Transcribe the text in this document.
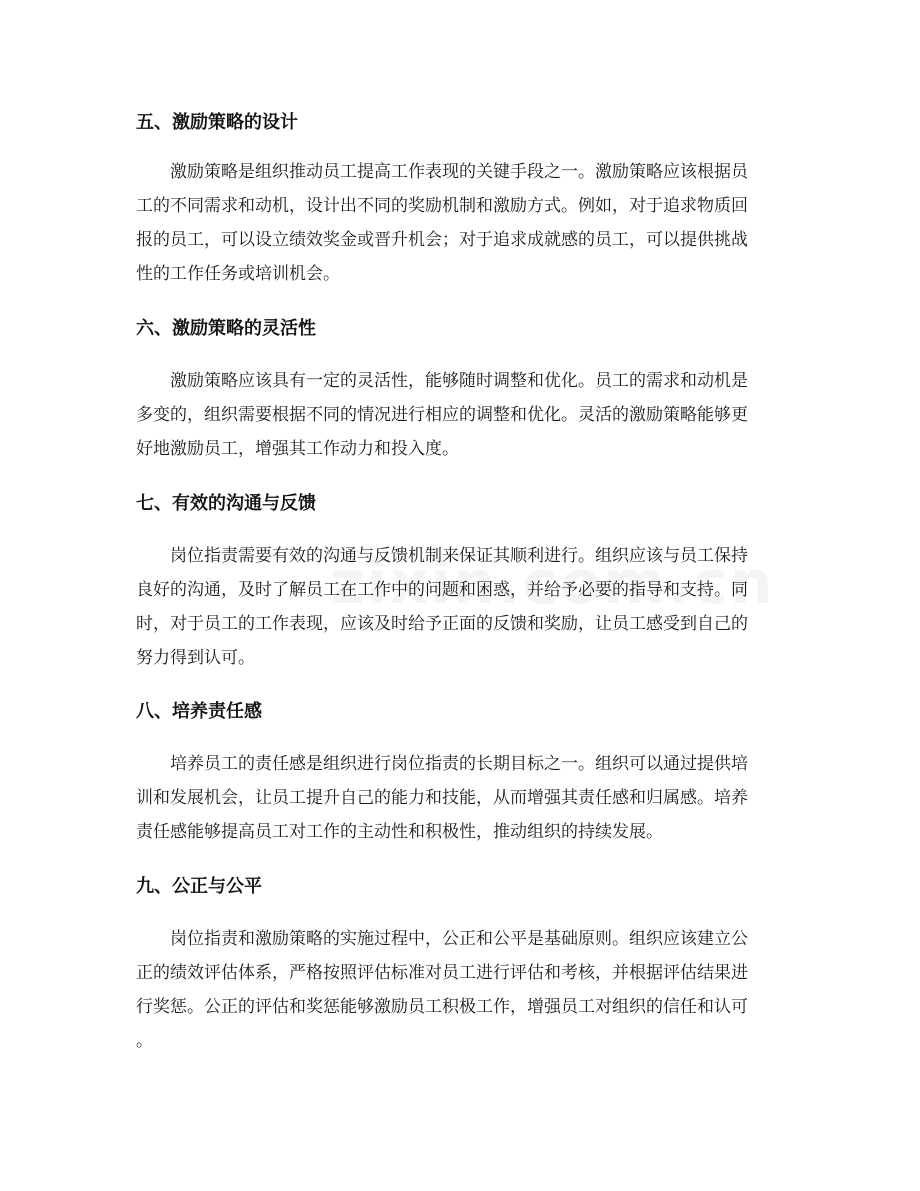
五、激励策略的设计
激励策略是组织推动员工提高工作表现的关键手段之一。激励策略应该根据员
工的不同需求和动机，设计出不同的奖励机制和激励方式。例如，对于追求物质回
报的员工，可以设立绩效奖金或晋升机会；对于追求成就感的员工，可以提供挑战
性的工作任务或培训机会。
六、激励策略的灵活性
激励策略应该具有一定的灵活性，能够随时调整和优化。员工的需求和动机是
多变的，组织需要根据不同的情况进行相应的调整和优化。灵活的激励策略能够更
好地激励员工，增强其工作动力和投入度。
七、有效的沟通与反馈
岗位指责需要有效的沟通与反馈机制来保证其顺利进行。组织应该与员工保持
良好的沟通，及时了解员工在工作中的问题和困惑，并给予必要的指导和支持。同
时，对于员工的工作表现，应该及时给予正面的反馈和奖励，让员工感受到自己的
努力得到认可。
八、培养责任感
培养员工的责任感是组织进行岗位指责的长期目标之一。组织可以通过提供培
训和发展机会，让员工提升自己的能力和技能，从而增强其责任感和归属感。培养
责任感能够提高员工对工作的主动性和积极性，推动组织的持续发展。
九、公正与公平
岗位指责和激励策略的实施过程中，公正和公平是基础原则。组织应该建立公
正的绩效评估体系，严格按照评估标准对员工进行评估和考核，并根据评估结果进
行奖惩。公正的评估和奖惩能够激励员工积极工作，增强员工对组织的信任和认可
。
